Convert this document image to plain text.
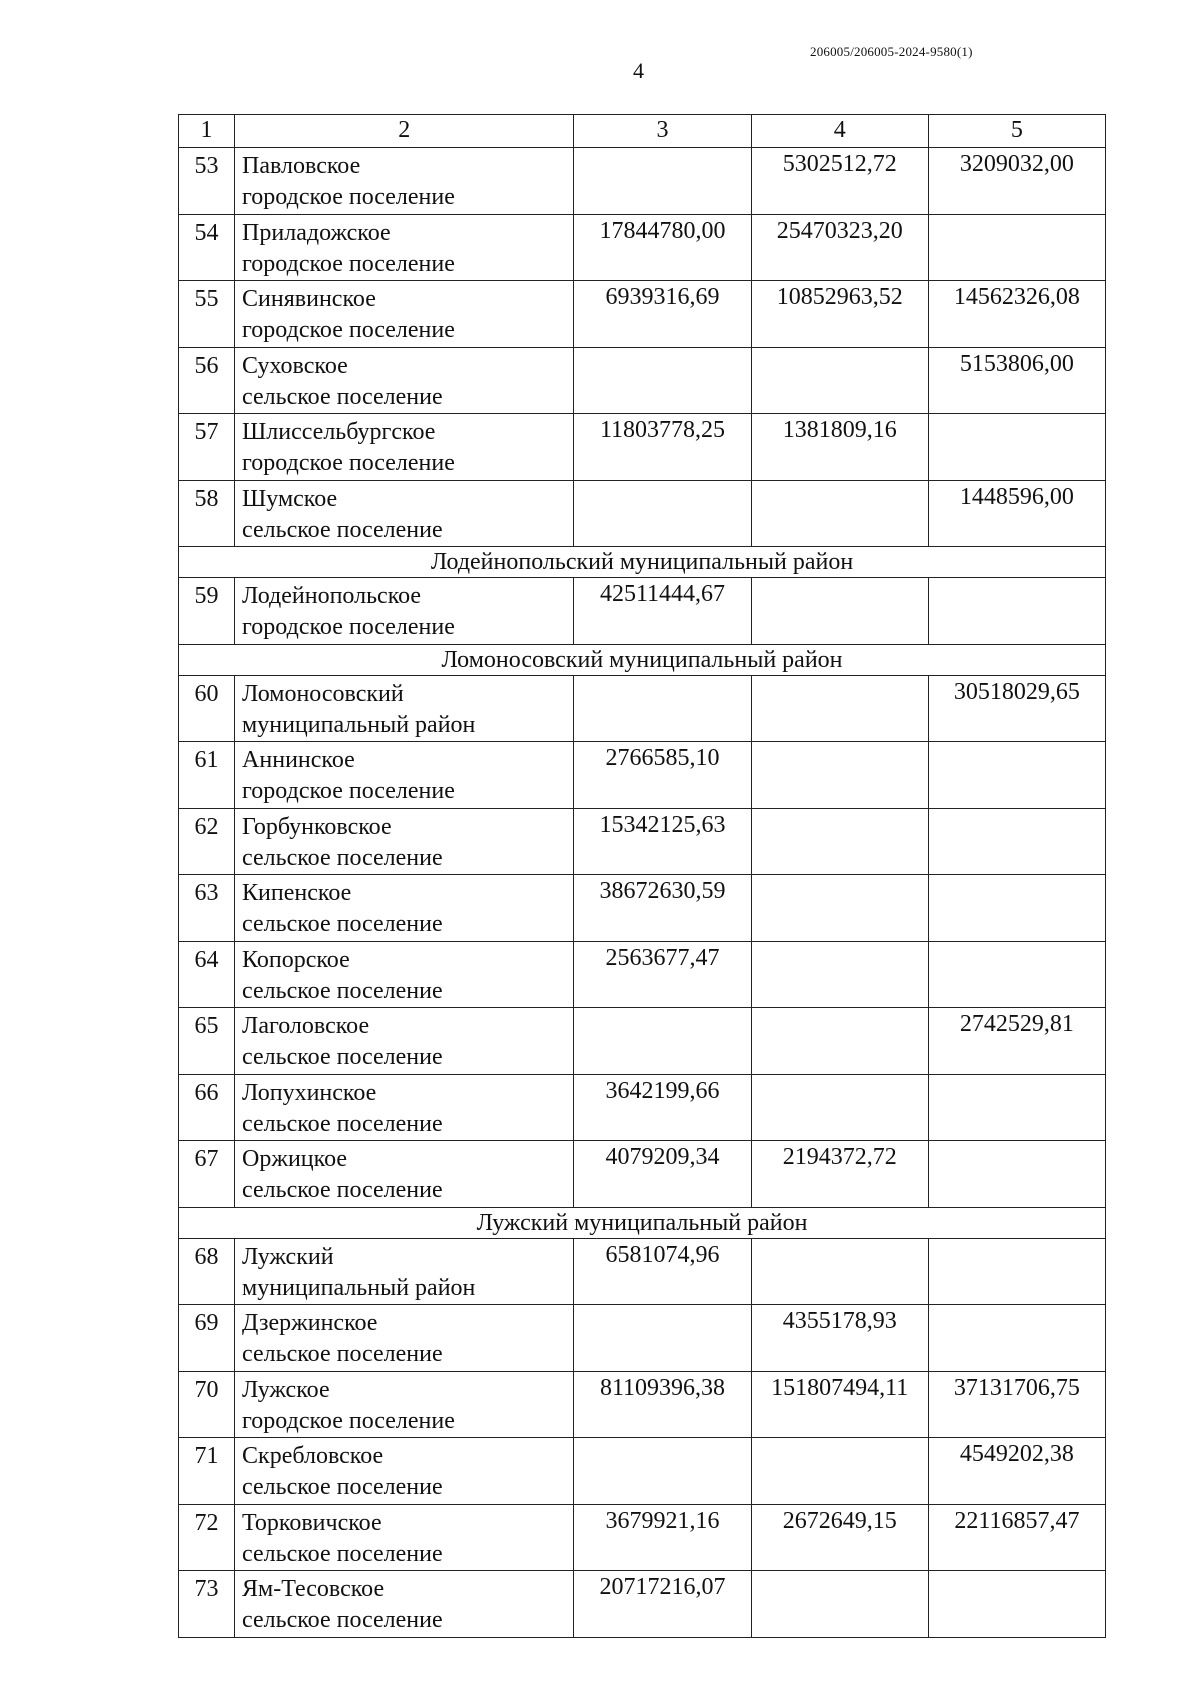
206005/206005-2024-9580(1)
4
1	2	3	4	5
53	Павловское
городское поселение		5302512,72	3209032,00
54	Приладожское
городское поселение	17844780,00	25470323,20	
55	Синявинское
городское поселение	6939316,69	10852963,52	14562326,08
56	Суховское
сельское поселение			5153806,00
57	Шлиссельбургское
городское поселение	11803778,25	1381809,16	
58	Шумское
сельское поселение			1448596,00
Лодейнопольский муниципальный район				
59	Лодейнопольское
городское поселение	42511444,67		
Ломоносовский муниципальный район				
60	Ломоносовский
муниципальный район			30518029,65
61	Аннинское
городское поселение	2766585,10		
62	Горбунковское
сельское поселение	15342125,63		
63	Кипенское
сельское поселение	38672630,59		
64	Копорское
сельское поселение	2563677,47		
65	Лаголовское
сельское поселение			2742529,81
66	Лопухинское
сельское поселение	3642199,66		
67	Оржицкое
сельское поселение	4079209,34	2194372,72	
Лужский муниципальный район				
68	Лужский
муниципальный район	6581074,96		
69	Дзержинское
сельское поселение		4355178,93	
70	Лужское
городское поселение	81109396,38	151807494,11	37131706,75
71	Скребловское
сельское поселение			4549202,38
72	Торковичское
сельское поселение	3679921,16	2672649,15	22116857,47
73	Ям-Тесовское
сельское поселение	20717216,07		
